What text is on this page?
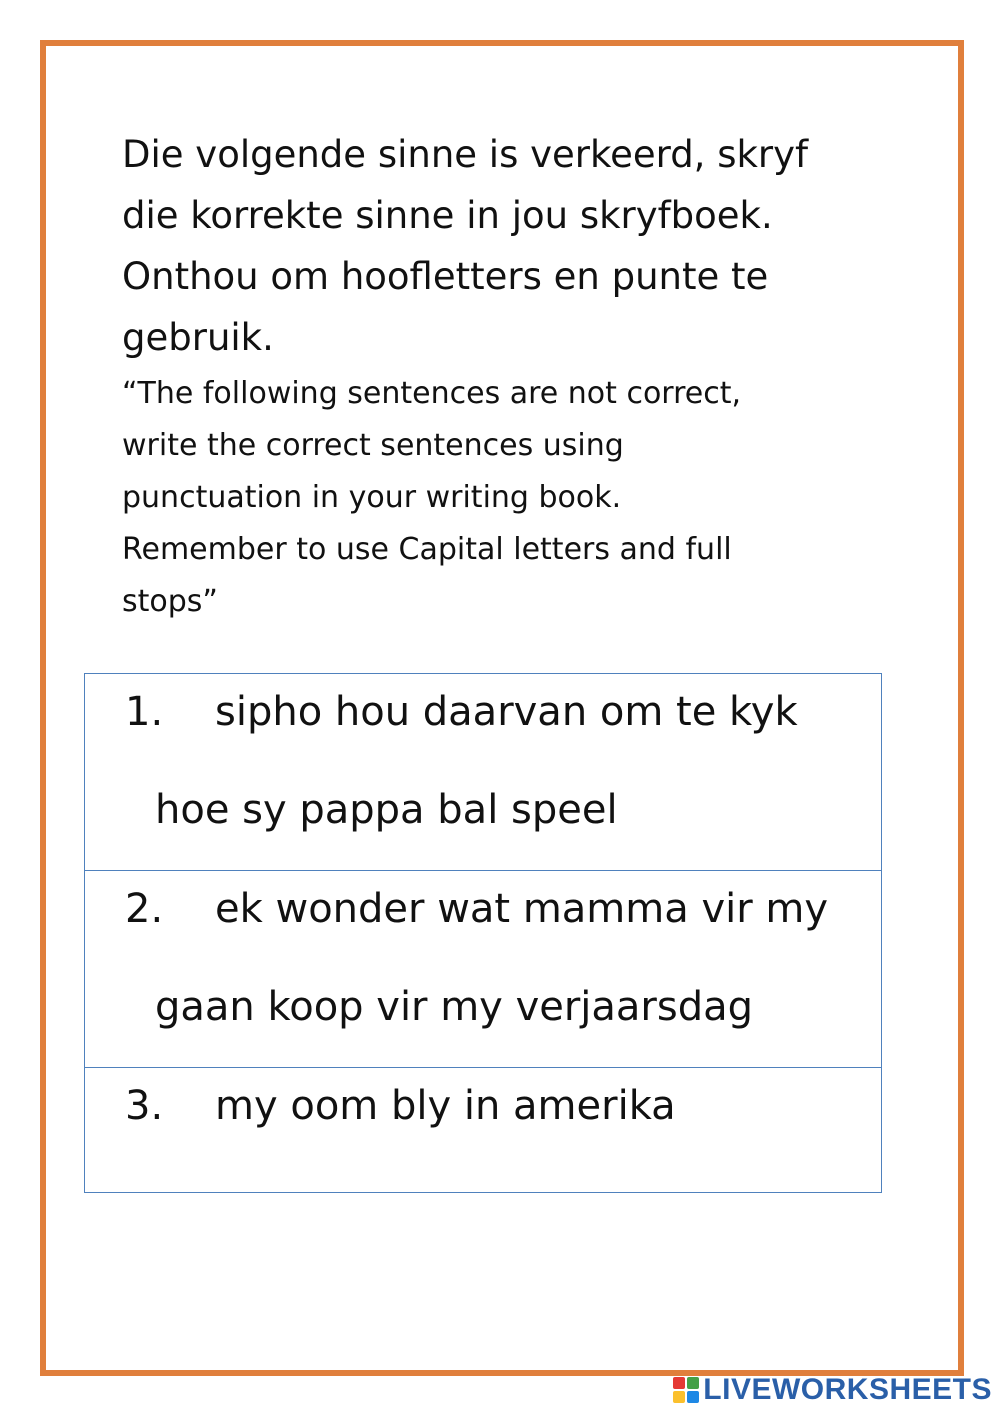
Die volgende sinne is verkeerd, skryf

die korrekte sinne in jou skryfboek.

Onthou om hoofletters en punte te

gebruik.

“The following sentences are not correct,

write the correct sentences using

punctuation in your writing book.

Remember to use Capital letters and full

stops”

1. sipho hou daarvan om te kyk
hoe sy pappa bal speel
2. ek wonder wat mamma vir my
gaan koop vir my verjaarsdag
3. my oom bly in amerika
LIVEWORKSHEETS
